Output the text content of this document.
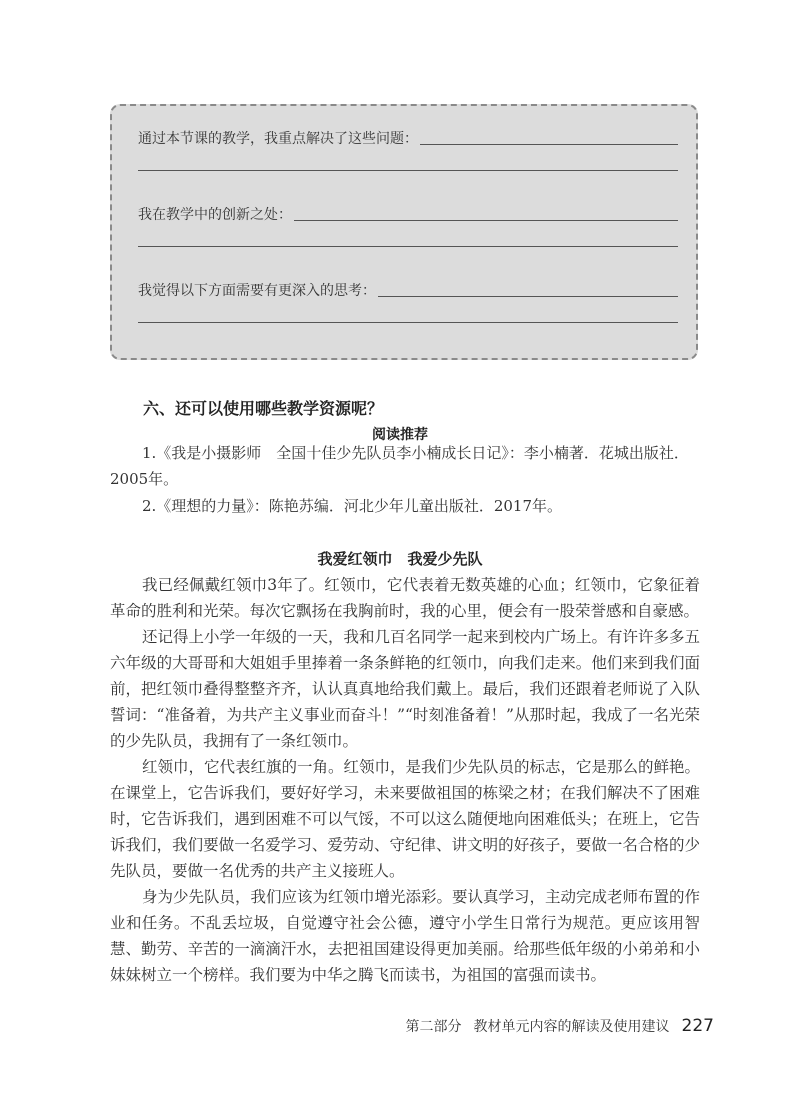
通过本节课的教学，我重点解决了这些问题：
我在教学中的创新之处：
我觉得以下方面需要有更深入的思考：
六、还可以使用哪些教学资源呢？
阅读推荐
1.《我是小摄影师　全国十佳少先队员李小楠成长日记》：李小楠著．花城出版社．2005年。
2.《理想的力量》：陈艳苏编．河北少年儿童出版社．2017年。
我爱红领巾　我爱少先队

我已经佩戴红领巾3年了。红领巾，它代表着无数英雄的心血；红领巾，它象征着革命的胜利和光荣。每次它飘扬在我胸前时，我的心里，便会有一股荣誉感和自豪感。

还记得上小学一年级的一天，我和几百名同学一起来到校内广场上。有许许多多五六年级的大哥哥和大姐姐手里捧着一条条鲜艳的红领巾，向我们走来。他们来到我们面前，把红领巾叠得整整齐齐，认认真真地给我们戴上。最后，我们还跟着老师说了入队誓词：“准备着，为共产主义事业而奋斗！”“时刻准备着！”从那时起，我成了一名光荣的少先队员，我拥有了一条红领巾。

红领巾，它代表红旗的一角。红领巾，是我们少先队员的标志，它是那么的鲜艳。在课堂上，它告诉我们，要好好学习，未来要做祖国的栋梁之材；在我们解决不了困难时，它告诉我们，遇到困难不可以气馁，不可以这么随便地向困难低头；在班上，它告诉我们，我们要做一名爱学习、爱劳动、守纪律、讲文明的好孩子，要做一名合格的少先队员，要做一名优秀的共产主义接班人。

身为少先队员，我们应该为红领巾增光添彩。要认真学习，主动完成老师布置的作业和任务。不乱丢垃圾，自觉遵守社会公德，遵守小学生日常行为规范。更应该用智慧、勤劳、辛苦的一滴滴汗水，去把祖国建设得更加美丽。给那些低年级的小弟弟和小妹妹树立一个榜样。我们要为中华之腾飞而读书，为祖国的富强而读书。

第二部分 教材单元内容的解读及使用建议 227
